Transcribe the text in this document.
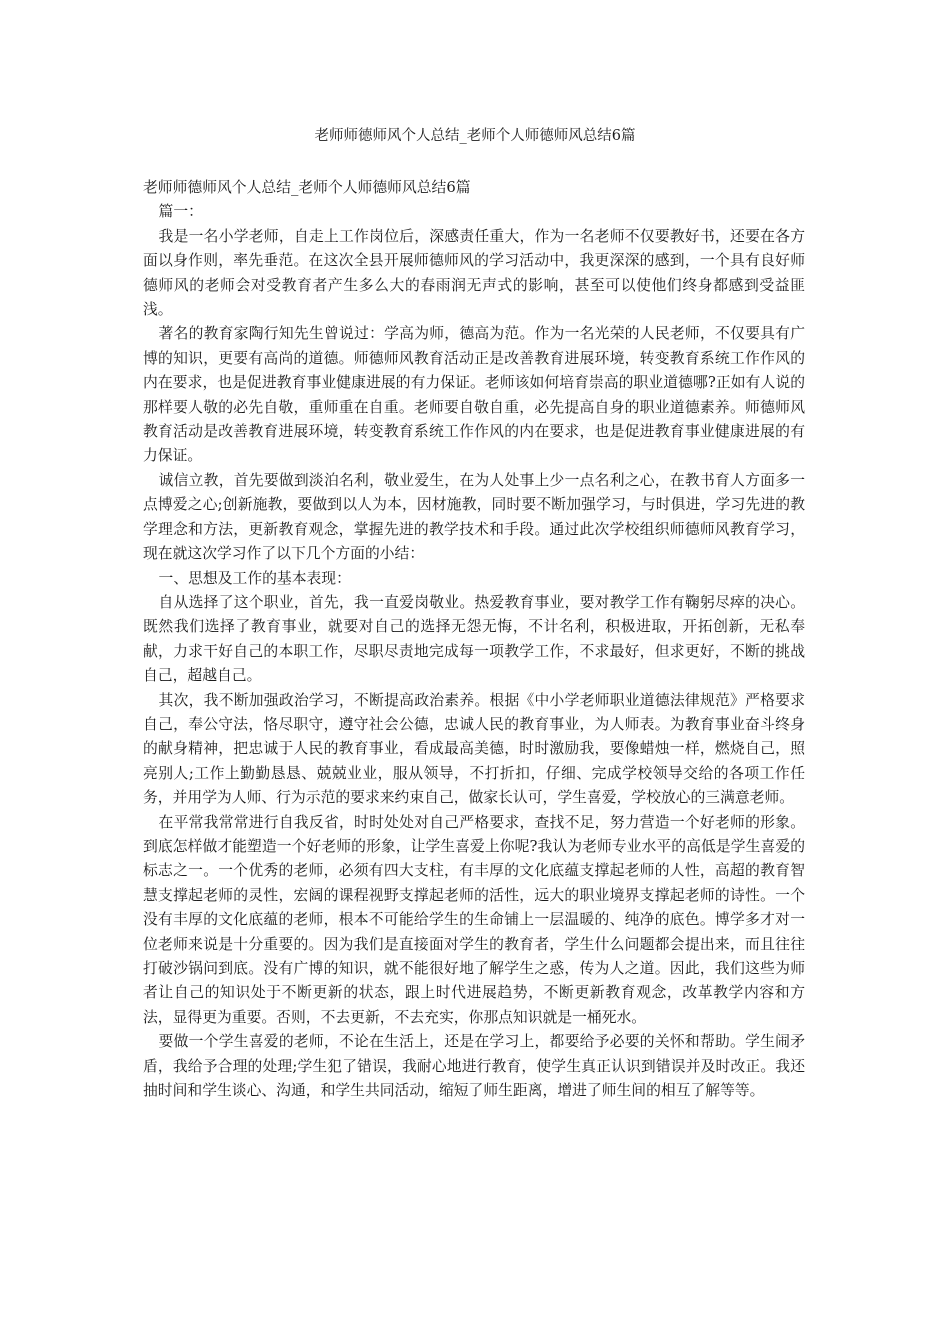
老师师德师风个人总结_老师个人师德师风总结6篇

老师师德师风个人总结_老师个人师德师风总结6篇

篇一：

我是一名小学老师，自走上工作岗位后，深感责任重大，作为一名老师不仅要教好书，还要在各方面以身作则，率先垂范。在这次全县开展师德师风的学习活动中，我更深深的感到，一个具有良好师德师风的老师会对受教育者产生多么大的春雨润无声式的影响，甚至可以使他们终身都感到受益匪浅。

著名的教育家陶行知先生曾说过：学高为师，德高为范。作为一名光荣的人民老师，不仅要具有广博的知识，更要有高尚的道德。师德师风教育活动正是改善教育进展环境，转变教育系统工作作风的内在要求，也是促进教育事业健康进展的有力保证。老师该如何培育崇高的职业道德哪?正如有人说的那样要人敬的必先自敬，重师重在自重。老师要自敬自重，必先提高自身的职业道德素养。师德师风教育活动是改善教育进展环境，转变教育系统工作作风的内在要求，也是促进教育事业健康进展的有力保证。

诚信立教，首先要做到淡泊名利，敬业爱生，在为人处事上少一点名利之心，在教书育人方面多一点博爱之心;创新施教，要做到以人为本，因材施教，同时要不断加强学习，与时俱进，学习先进的教学理念和方法，更新教育观念，掌握先进的教学技术和手段。通过此次学校组织师德师风教育学习，现在就这次学习作了以下几个方面的小结：

一、思想及工作的基本表现：

自从选择了这个职业，首先，我一直爱岗敬业。热爱教育事业，要对教学工作有鞠躬尽瘁的决心。既然我们选择了教育事业，就要对自己的选择无怨无悔，不计名利，积极进取，开拓创新，无私奉献，力求干好自己的本职工作，尽职尽责地完成每一项教学工作，不求最好，但求更好，不断的挑战自己，超越自己。

其次，我不断加强政治学习，不断提高政治素养。根据《中小学老师职业道德法律规范》严格要求自己，奉公守法，恪尽职守，遵守社会公德，忠诚人民的教育事业，为人师表。为教育事业奋斗终身的献身精神，把忠诚于人民的教育事业，看成最高美德，时时激励我，要像蜡烛一样，燃烧自己，照亮别人;工作上勤勤恳恳、兢兢业业，服从领导，不打折扣，仔细、完成学校领导交给的各项工作任务，并用学为人师、行为示范的要求来约束自己，做家长认可，学生喜爱，学校放心的三满意老师。

在平常我常常进行自我反省，时时处处对自己严格要求，查找不足，努力营造一个好老师的形象。到底怎样做才能塑造一个好老师的形象，让学生喜爱上你呢?我认为老师专业水平的高低是学生喜爱的标志之一。一个优秀的老师，必须有四大支柱，有丰厚的文化底蕴支撑起老师的人性，高超的教育智慧支撑起老师的灵性，宏阔的课程视野支撑起老师的活性，远大的职业境界支撑起老师的诗性。一个没有丰厚的文化底蕴的老师，根本不可能给学生的生命铺上一层温暖的、纯净的底色。博学多才对一位老师来说是十分重要的。因为我们是直接面对学生的教育者，学生什么问题都会提出来，而且往往打破沙锅问到底。没有广博的知识，就不能很好地了解学生之惑，传为人之道。因此，我们这些为师者让自己的知识处于不断更新的状态，跟上时代进展趋势，不断更新教育观念，改革教学内容和方法，显得更为重要。否则，不去更新，不去充实，你那点知识就是一桶死水。

要做一个学生喜爱的老师，不论在生活上，还是在学习上，都要给予必要的关怀和帮助。学生闹矛盾，我给予合理的处理;学生犯了错误，我耐心地进行教育，使学生真正认识到错误并及时改正。我还抽时间和学生谈心、沟通，和学生共同活动，缩短了师生距离，增进了师生间的相互了解等等。
